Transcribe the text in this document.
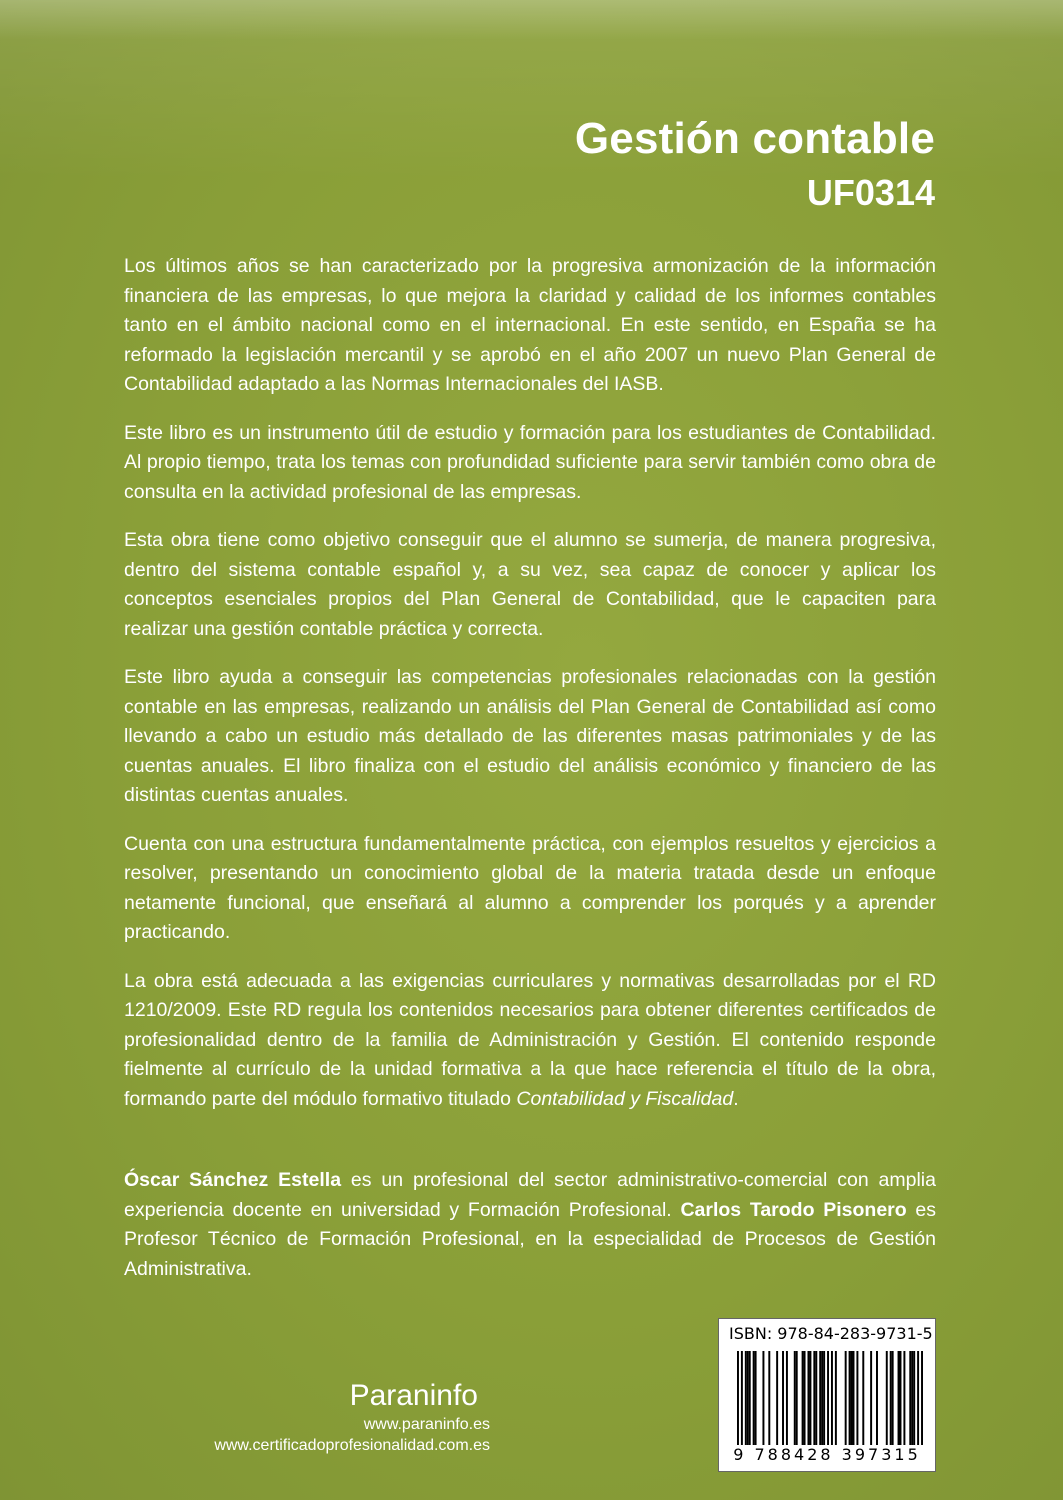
Gestión contable
UF0314

Los últimos años se han caracterizado por la progresiva armonización de la información financiera de las empresas, lo que mejora la claridad y calidad de los informes contables tanto en el ámbito nacional como en el internacional. En este sentido, en España se ha reformado la legislación mercantil y se aprobó en el año 2007 un nuevo Plan General de Contabilidad adaptado a las Normas Internacionales del IASB.

Este libro es un instrumento útil de estudio y formación para los estudiantes de Contabilidad. Al propio tiempo, trata los temas con profundidad suficiente para servir también como obra de consulta en la actividad profesional de las empresas.

Esta obra tiene como objetivo conseguir que el alumno se sumerja, de manera progresiva, dentro del sistema contable español y, a su vez, sea capaz de conocer y aplicar los conceptos esenciales propios del Plan General de Contabilidad, que le capaciten para realizar una gestión contable práctica y correcta.

Este libro ayuda a conseguir las competencias profesionales relacionadas con la gestión contable en las empresas, realizando un análisis del Plan General de Contabilidad así como llevando a cabo un estudio más detallado de las diferentes masas patrimoniales y de las cuentas anuales. El libro finaliza con el estudio del análisis económico y financiero de las distintas cuentas anuales.

Cuenta con una estructura fundamentalmente práctica, con ejemplos resueltos y ejercicios a resolver, presentando un conocimiento global de la materia tratada desde un enfoque netamente funcional, que enseñará al alumno a comprender los porqués y a aprender practicando.

La obra está adecuada a las exigencias curriculares y normativas desarrolladas por el RD 1210/2009. Este RD regula los contenidos necesarios para obtener diferentes certificados de profesionalidad dentro de la familia de Administración y Gestión. El contenido responde fielmente al currículo de la unidad formativa a la que hace referencia el título de la obra, formando parte del módulo formativo titulado Contabilidad y Fiscalidad.

Óscar Sánchez Estella es un profesional del sector administrativo-comercial con amplia experiencia docente en universidad y Formación Profesional. Carlos Tarodo Pisonero es Profesor Técnico de Formación Profesional, en la especialidad de Procesos de Gestión Administrativa.

Paraninfo
www.paraninfo.es
www.certificadoprofesionalidad.com.es
ISBN: 978-84-283-9731-5
9 788428 397315
